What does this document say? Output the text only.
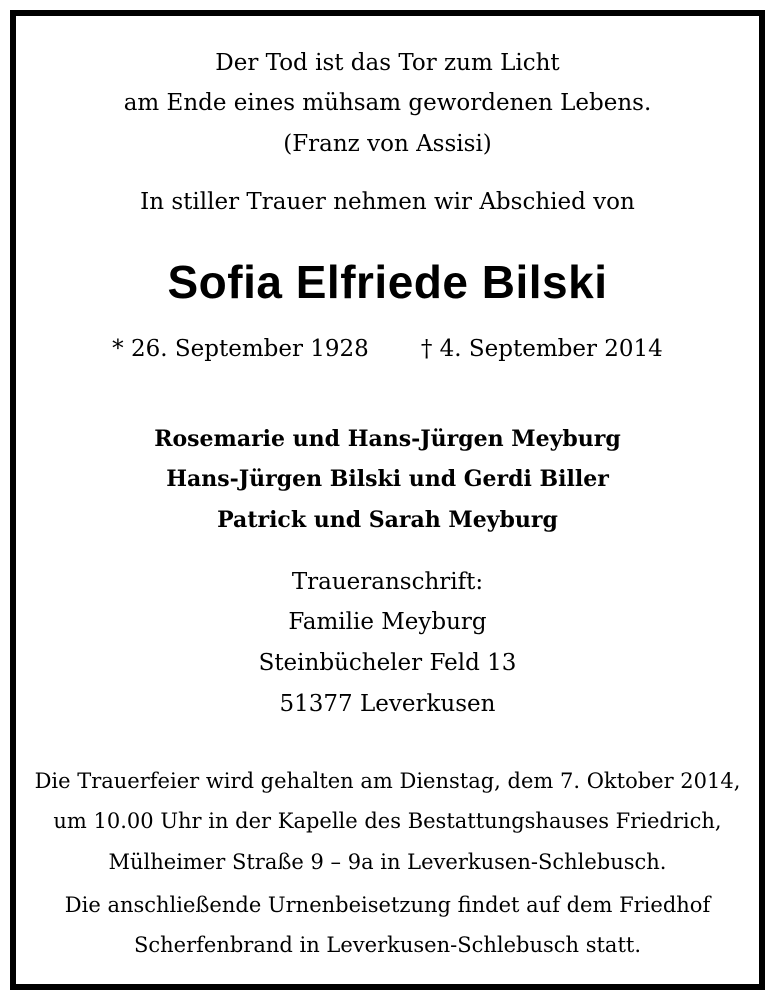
Der Tod ist das Tor zum Licht
am Ende eines mühsam gewordenen Lebens.
(Franz von Assisi)
In stiller Trauer nehmen wir Abschied von
Sofia Elfriede Bilski
* 26. September 1928 † 4. September 2014
Rosemarie und Hans-Jürgen Meyburg
Hans-Jürgen Bilski und Gerdi Biller
Patrick und Sarah Meyburg
Traueranschrift:
Familie Meyburg
Steinbücheler Feld 13
51377 Leverkusen
Die Trauerfeier wird gehalten am Dienstag, dem 7. Oktober 2014,
um 10.00 Uhr in der Kapelle des Bestattungshauses Friedrich,
Mülheimer Straße 9 – 9a in Leverkusen-Schlebusch.
Die anschließende Urnenbeisetzung findet auf dem Friedhof
Scherfenbrand in Leverkusen-Schlebusch statt.
